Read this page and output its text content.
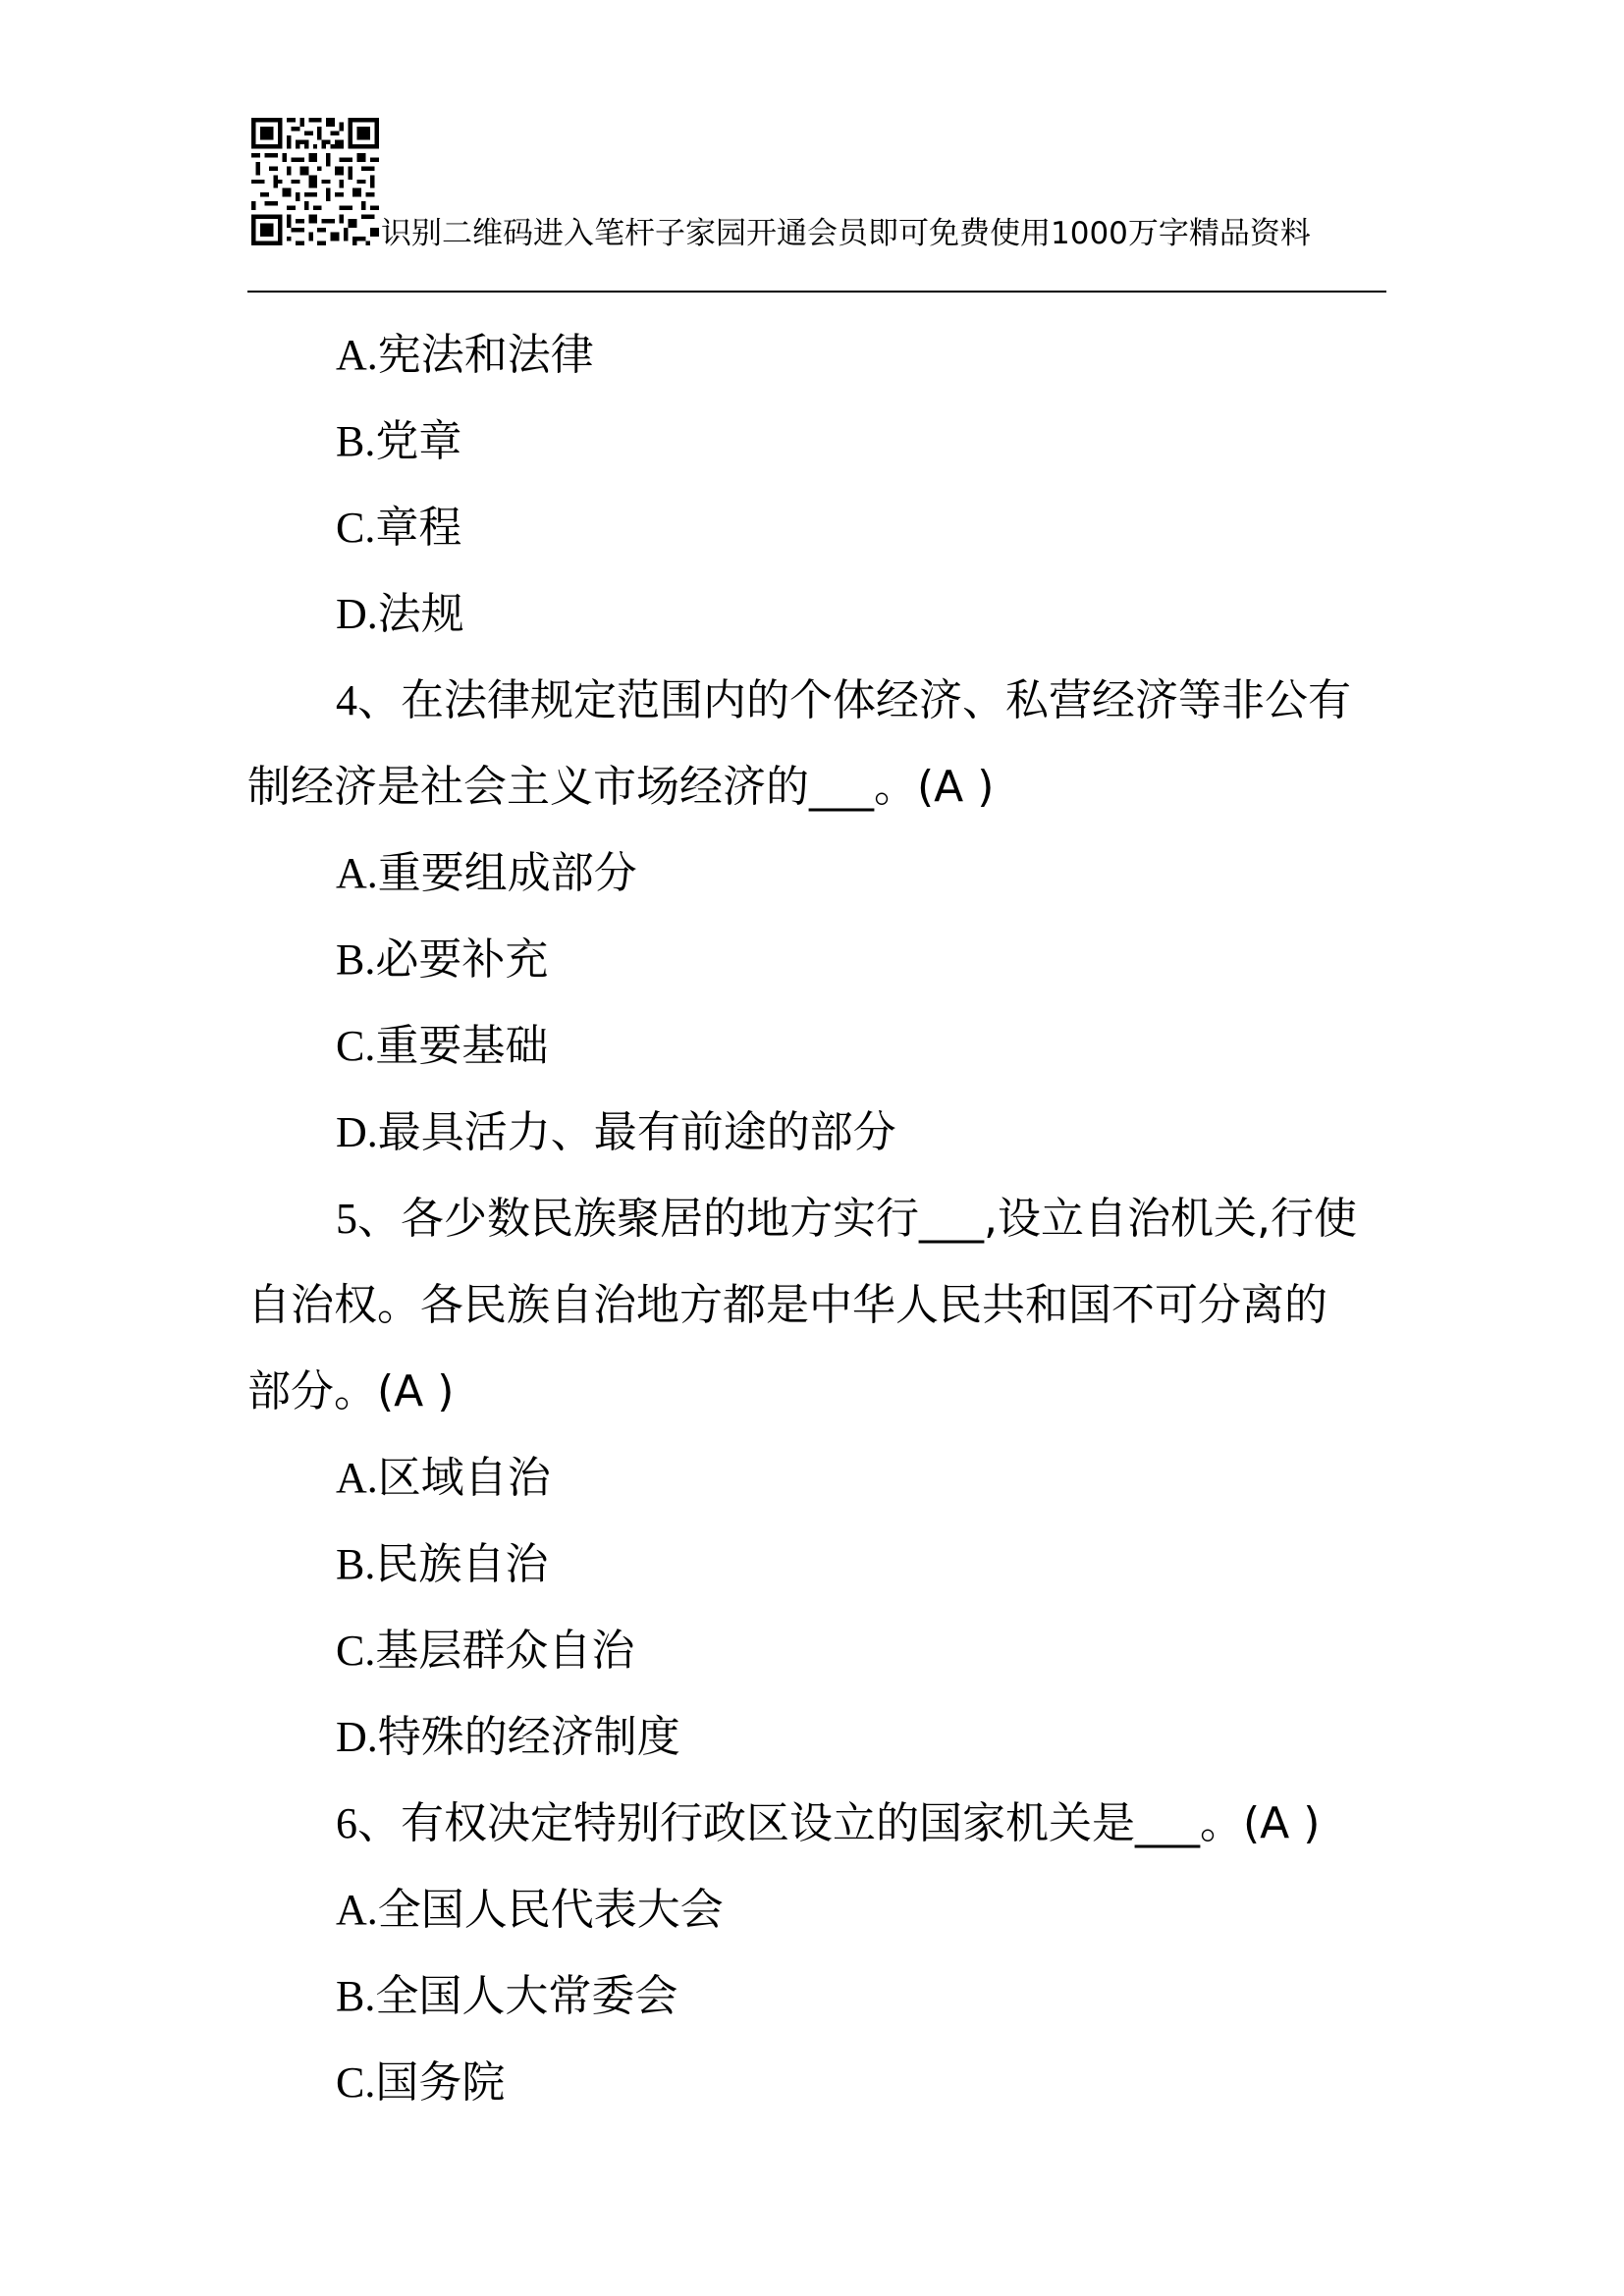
识别二维码进入笔杆子家园开通会员即可免费使用1000万字精品资料
A.宪法和法律
B.党章
C.章程
D.法规
4、在法律规定范围内的个体经济、私营经济等非公有
制经济是社会主义市场经济的___。(A )
A.重要组成部分
B.必要补充
C.重要基础
D.最具活力、最有前途的部分
5、各少数民族聚居的地方实行___,设立自治机关,行使
自治权。各民族自治地方都是中华人民共和国不可分离的
部分。(A )
A.区域自治
B.民族自治
C.基层群众自治
D.特殊的经济制度
6、有权决定特别行政区设立的国家机关是___。(A )
A.全国人民代表大会
B.全国人大常委会
C.国务院
